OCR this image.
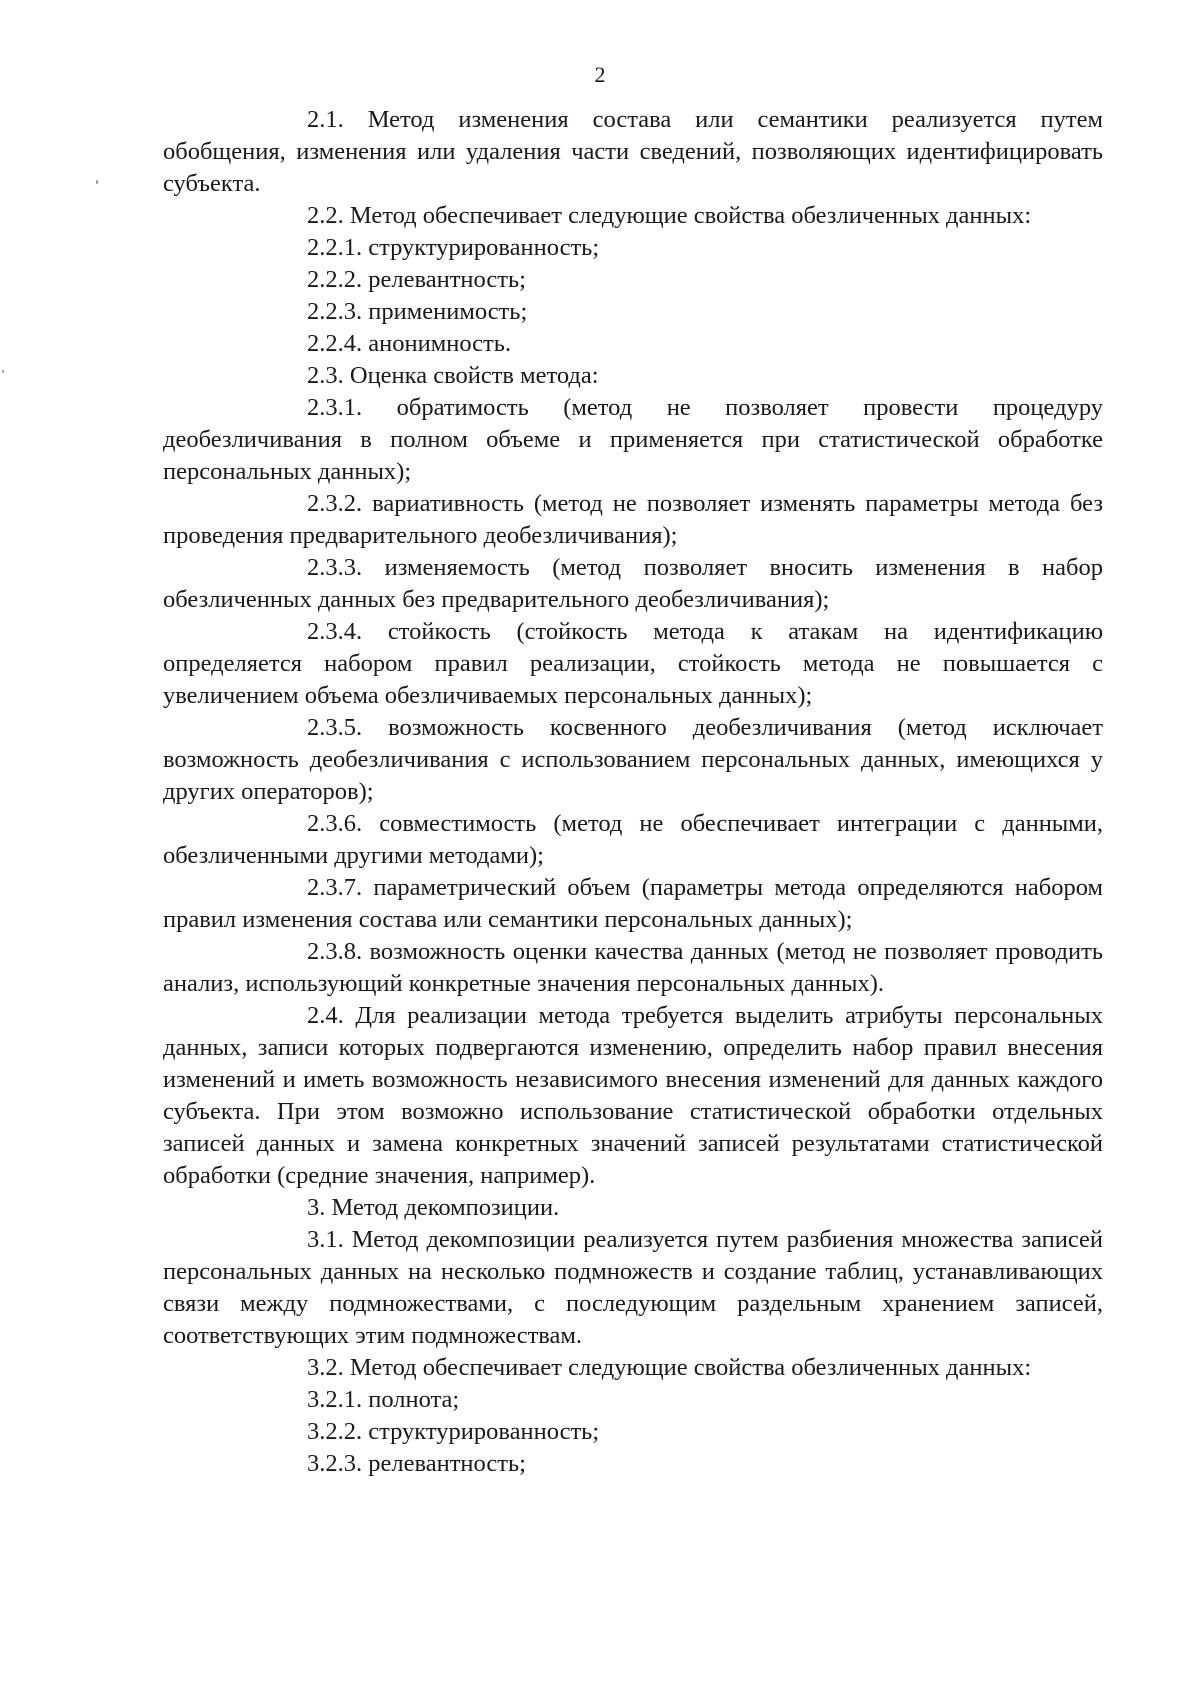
2

2.1. Метод изменения состава или семантики реализуется путем обобщения, изменения или удаления части сведений, позволяющих идентифицировать субъекта.

2.2. Метод обеспечивает следующие свойства обезличенных данных:

2.2.1. структурированность;

2.2.2. релевантность;

2.2.3. применимость;

2.2.4. анонимность.

2.3. Оценка свойств метода:

2.3.1. обратимость (метод не позволяет провести процедуру деобезличивания в полном объеме и применяется при статистической обработке персональных данных);

2.3.2. вариативность (метод не позволяет изменять параметры метода без проведения предварительного деобезличивания);

2.3.3. изменяемость (метод позволяет вносить изменения в набор обезличенных данных без предварительного деобезличивания);

2.3.4. стойкость (стойкость метода к атакам на идентификацию определяется набором правил реализации, стойкость метода не повышается с увеличением объема обезличиваемых персональных данных);

2.3.5. возможность косвенного деобезличивания (метод исключает возможность деобезличивания с использованием персональных данных, имеющихся у других операторов);

2.3.6. совместимость (метод не обеспечивает интеграции с данными, обезличенными другими методами);

2.3.7. параметрический объем (параметры метода определяются набором правил изменения состава или семантики персональных данных);

2.3.8. возможность оценки качества данных (метод не позволяет проводить анализ, использующий конкретные значения персональных данных).

2.4. Для реализации метода требуется выделить атрибуты персональных данных, записи которых подвергаются изменению, определить набор правил внесения изменений и иметь возможность независимого внесения изменений для данных каждого субъекта. При этом возможно использование статистической обработки отдельных записей данных и замена конкретных значений записей результатами статистической обработки (средние значения, например).

3. Метод декомпозиции.

3.1. Метод декомпозиции реализуется путем разбиения множества записей персональных данных на несколько подмножеств и создание таблиц, устанавливающих связи между подмножествами, с последующим раздельным хранением записей, соответствующих этим подмножествам.

3.2. Метод обеспечивает следующие свойства обезличенных данных:

3.2.1. полнота;

3.2.2. структурированность;

3.2.3. релевантность;
